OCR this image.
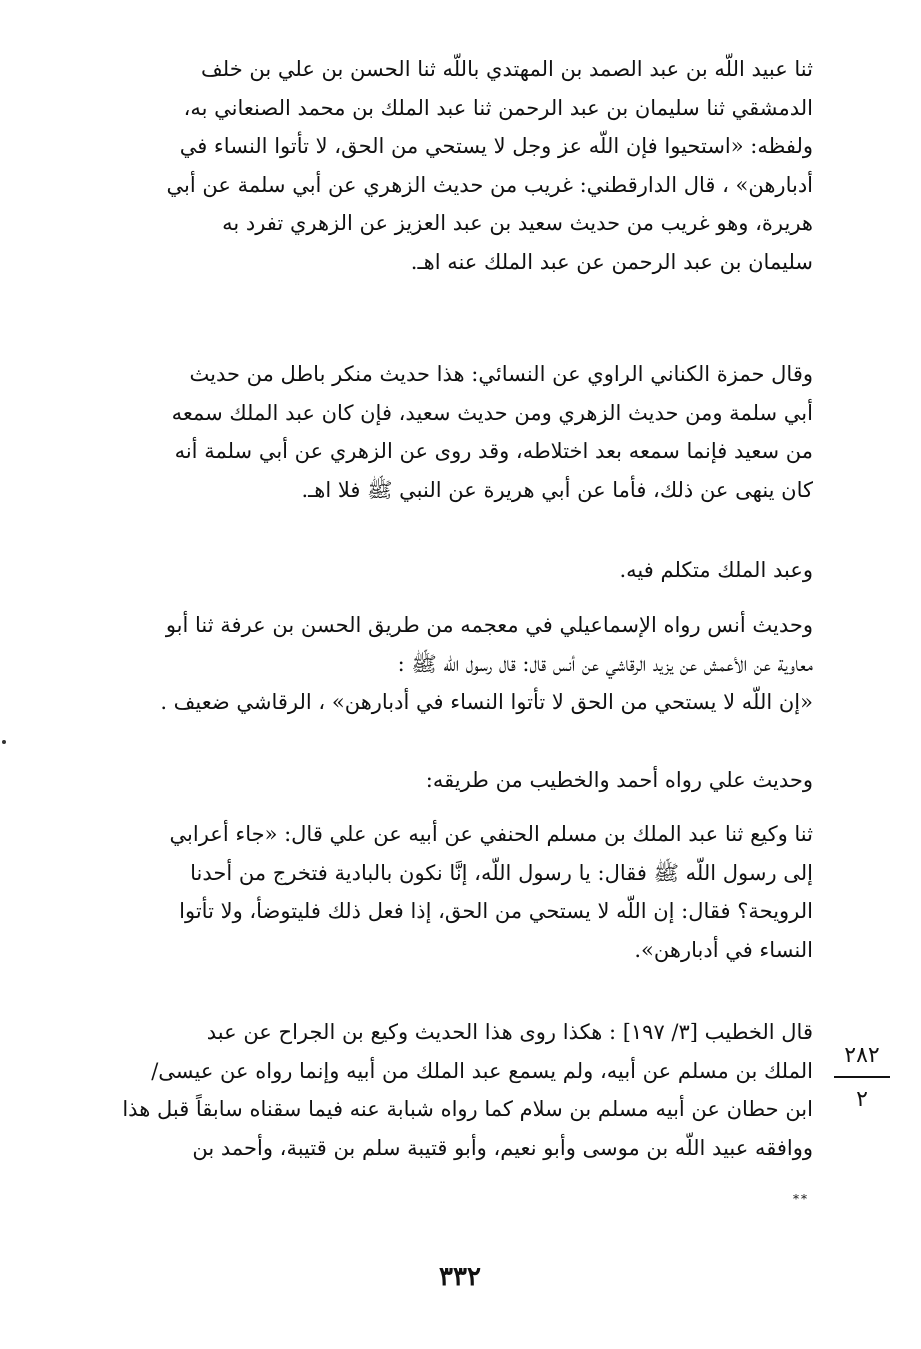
ثنا عبيد اللّه بن عبد الصمد بن المهتدي باللّه ثنا الحسن بن علي بن خلف
الدمشقي ثنا سليمان بن عبد الرحمن ثنا عبد الملك بن محمد الصنعاني به،
ولفظه: «استحيوا فإن اللّه عز وجل لا يستحي من الحق، لا تأتوا النساء في
أدبارهن» ، قال الدارقطني: غريب من حديث الزهري عن أبي سلمة عن أبي
هريرة، وهو غريب من حديث سعيد بن عبد العزيز عن الزهري تفرد به
سليمان بن عبد الرحمن عن عبد الملك عنه اهـ.
وقال حمزة الكناني الراوي عن النسائي: هذا حديث منكر باطل من حديث
أبي سلمة ومن حديث الزهري ومن حديث سعيد، فإن كان عبد الملك سمعه
من سعيد فإنما سمعه بعد اختلاطه، وقد روى عن الزهري عن أبي سلمة أنه
كان ينهى عن ذلك، فأما عن أبي هريرة عن النبي ﷺ فلا اهـ.
وعبد الملك متكلم فيه.
وحديث أنس رواه الإسماعيلي في معجمه من طريق الحسن بن عرفة ثنا أبو
معاوية عن الأعمش عن يزيد الرقاشي عن أنس قال: قال رسول اللّه ﷺ :
«إن اللّه لا يستحي من الحق لا تأتوا النساء في أدبارهن» ، الرقاشي ضعيف .
وحديث علي رواه أحمد والخطيب من طريقه:
ثنا وكيع ثنا عبد الملك بن مسلم الحنفي عن أبيه عن علي قال: «جاء أعرابي
إلى رسول اللّه ﷺ فقال: يا رسول اللّه، إنَّا نكون بالبادية فتخرج من أحدنا
الرويحة؟ فقال: إن اللّه لا يستحي من الحق، إذا فعل ذلك فليتوضأ، ولا تأتوا
النساء في أدبارهن».
قال الخطيب [٣/ ١٩٧] : هكذا روى هذا الحديث وكيع بن الجراح عن عبد
الملك بن مسلم عن أبيه، ولم يسمع عبد الملك من أبيه وإنما رواه عن عيسى/
ابن حطان عن أبيه مسلم بن سلام كما رواه شبابة عنه فيما سقناه سابقاً قبل هذا
ووافقه عبيد اللّه بن موسى وأبو نعيم، وأبو قتيبة سلم بن قتيبة، وأحمد بن
٢٨٢
٢
**
٣٣٢
